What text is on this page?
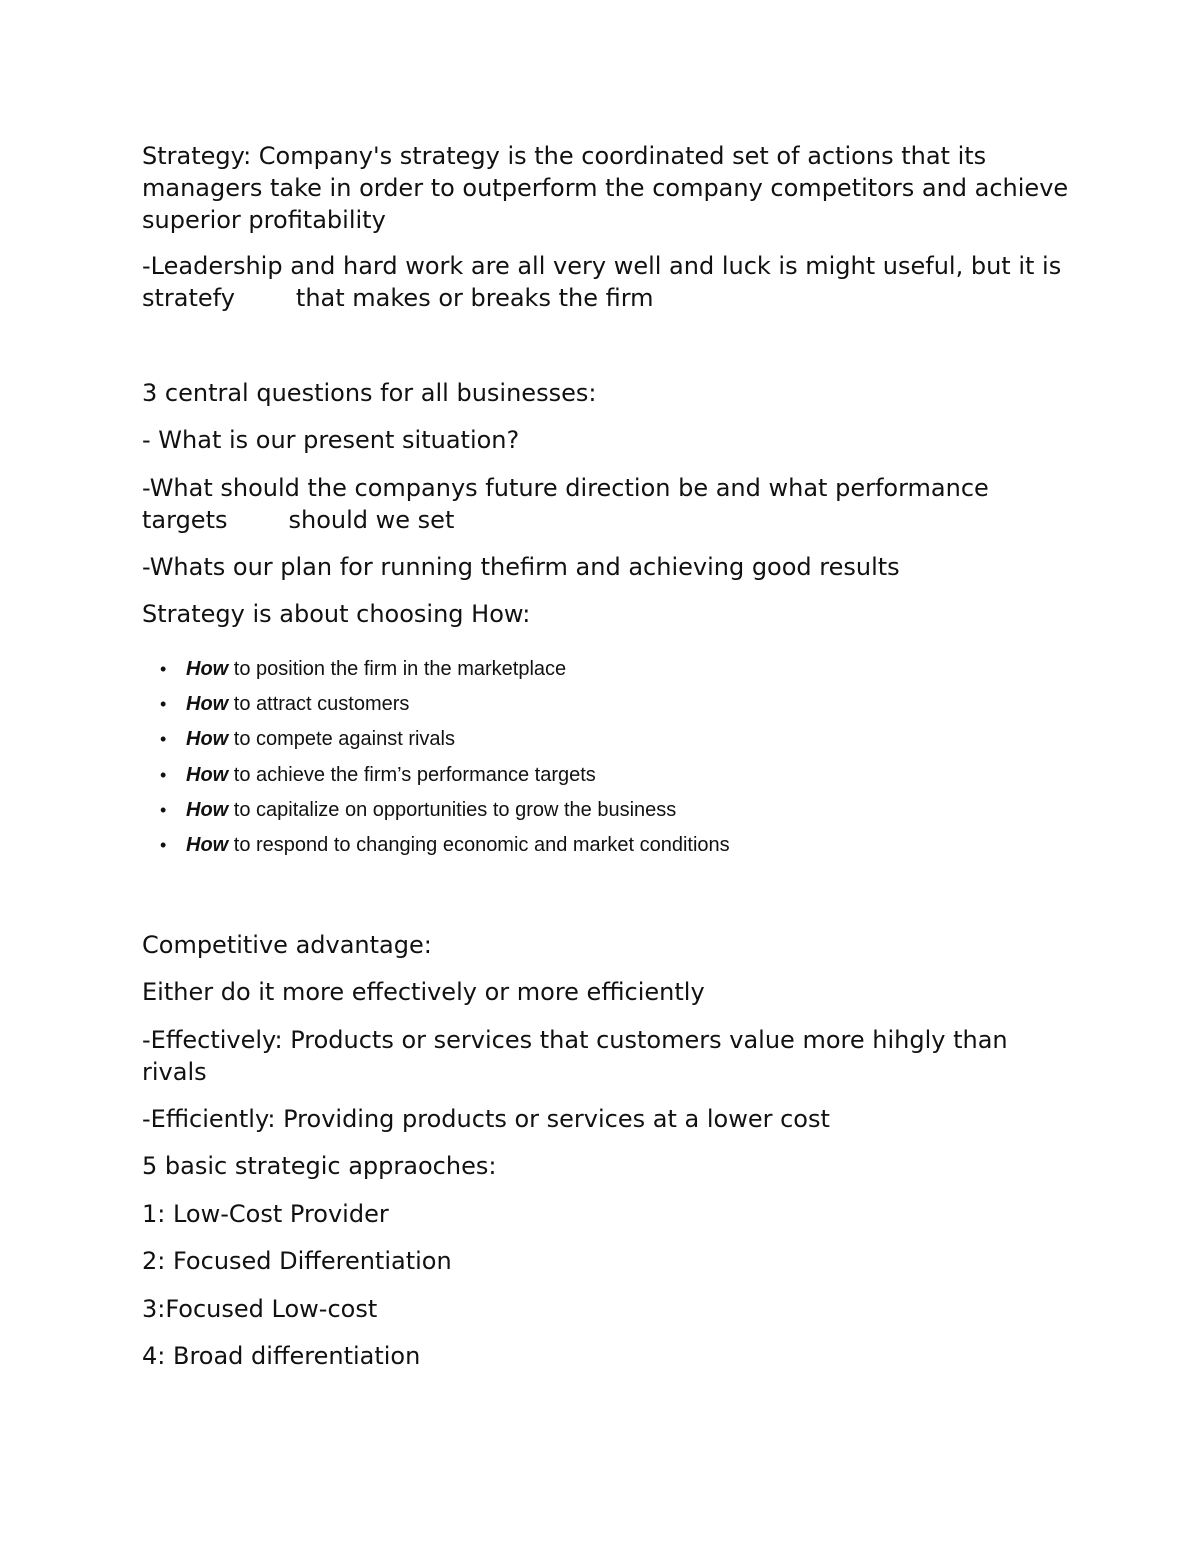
Strategy: Company's strategy is the coordinated set of actions that its managers take in order to outperform the company competitors and achieve superior profitability

-Leadership and hard work are all very well and luck is might useful, but it is stratefy        that makes or breaks the firm

3 central questions for all businesses:

- What is our present situation?

-What should the companys future direction be and what performance targets        should we set

-Whats our plan for running thefirm and achieving good results

Strategy is about choosing How:

• How to position the firm in the marketplace
• How to attract customers
• How to compete against rivals
• How to achieve the firm’s performance targets
• How to capitalize on opportunities to grow the business
• How to respond to changing economic and market conditions

Competitive advantage:

Either do it more effectively or more efficiently

-Effectively: Products or services that customers value more hihgly than rivals

-Efficiently: Providing products or services at a lower cost

5 basic strategic appraoches:

1: Low-Cost Provider

2: Focused Differentiation

3:Focused Low-cost

4: Broad differentiation
